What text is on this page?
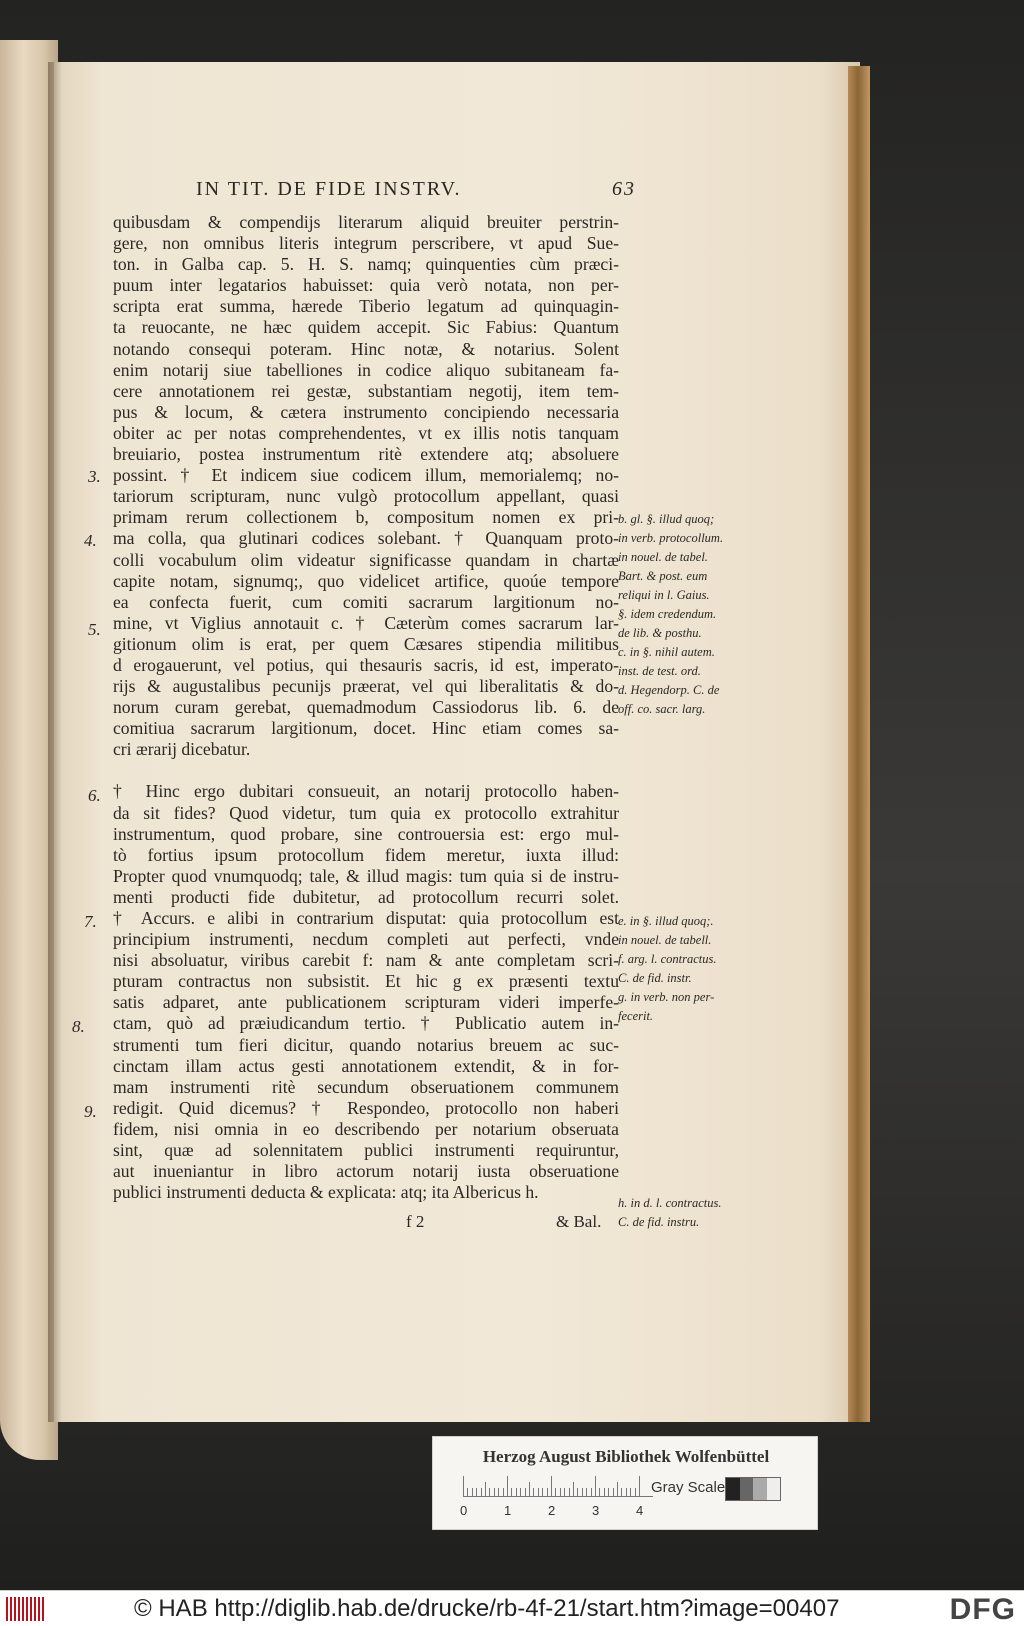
IN TIT. DE FIDE INSTRV.	63
quibusdam & compendijs literarum aliquid breuiter perstrin-
gere, non omnibus literis integrum perscribere, vt apud Sue-
ton. in Galba cap. 5. H. S. namq; quinquenties cùm præci-
puum inter legatarios habuisset: quia verò notata, non per-
scripta erat summa, hærede Tiberio legatum ad quinquagin-
ta reuocante, ne hæc quidem accepit. Sic Fabius: Quantum
notando consequi poteram. Hinc notæ, & notarius. Solent
enim notarij siue tabelliones in codice aliquo subitaneam fa-
cere annotationem rei gestæ, substantiam negotij, item tem-
pus & locum, & cætera instrumento concipiendo necessaria
obiter ac per notas comprehendentes, vt ex illis notis tanquam
breuiario, postea instrumentum ritè extendere atq; absoluere
possint. † Et indicem siue codicem illum, memorialemq; no-
tariorum scripturam, nunc vulgò protocollum appellant, quasi
primam rerum collectionem b, compositum nomen ex pri-
ma colla, qua glutinari codices solebant. † Quanquam proto-
colli vocabulum olim videatur significasse quandam in chartæ
capite notam, signumq;, quo videlicet artifice, quoúe tempore
ea confecta fuerit, cum comiti sacrarum largitionum no-
mine, vt Viglius annotauit c. † Cæterùm comes sacrarum lar-
gitionum olim is erat, per quem Cæsares stipendia militibus
d erogauerunt, vel potius, qui thesauris sacris, id est, imperato-
rijs & augustalibus pecunijs præerat, vel qui liberalitatis & do-
norum curam gerebat, quemadmodum Cassiodorus lib. 6. de
comitiua sacrarum largitionum, docet. Hinc etiam comes sa-
cri ærarij dicebatur.
† Hinc ergo dubitari consueuit, an notarij protocollo haben-
da sit fides? Quod videtur, tum quia ex protocollo extrahitur
instrumentum, quod probare, sine controuersia est: ergo mul-
tò fortius ipsum protocollum fidem meretur, iuxta illud:
Propter quod vnumquodq; tale, & illud magis: tum quia si de instru-
menti producti fide dubitetur, ad protocollum recurri solet.
† Accurs. e alibi in contrarium disputat: quia protocollum est
principium instrumenti, necdum completi aut perfecti, vnde
nisi absoluatur, viribus carebit f: nam & ante completam scri-
pturam contractus non subsistit. Et hic g ex præsenti textu
satis adparet, ante publicationem scripturam videri imperfe-
ctam, quò ad præiudicandum tertio. † Publicatio autem in-
strumenti tum fieri dicitur, quando notarius breuem ac suc-
cinctam illam actus gesti annotationem extendit, & in for-
mam instrumenti ritè secundum obseruationem communem
redigit. Quid dicemus? † Respondeo, protocollo non haberi
fidem, nisi omnia in eo describendo per notarium obseruata
sint, quæ ad solennitatem publici instrumenti requiruntur,
aut inueniantur in libro actorum notarij iusta obseruatione
publici instrumenti deducta & explicata: atq; ita Albericus h.
3.
4.
5.
6.
7.
8.
9.
b. gl. §. illud quoq;
in verb. protocollum.
in nouel. de tabel.
Bart. & post. eum
reliqui in l. Gaius.
§. idem credendum.
de lib. & posthu.
c. in §. nihil autem.
inst. de test. ord.
d. Hegendorp. C. de
off. co. sacr. larg.
e. in §. illud quoq;.
in nouel. de tabell.
f. arg. l. contractus.
C. de fid. instr.
g. in verb. non per-
fecerit.
h. in d. l. contractus.
C. de fid. instru.
f 2	& Bal.
Herzog August Bibliothek Wolfenbüttel
0	1	2	3	4
Gray Scale
© HAB http://diglib.hab.de/drucke/rb-4f-21/start.htm?image=00407	DFG
